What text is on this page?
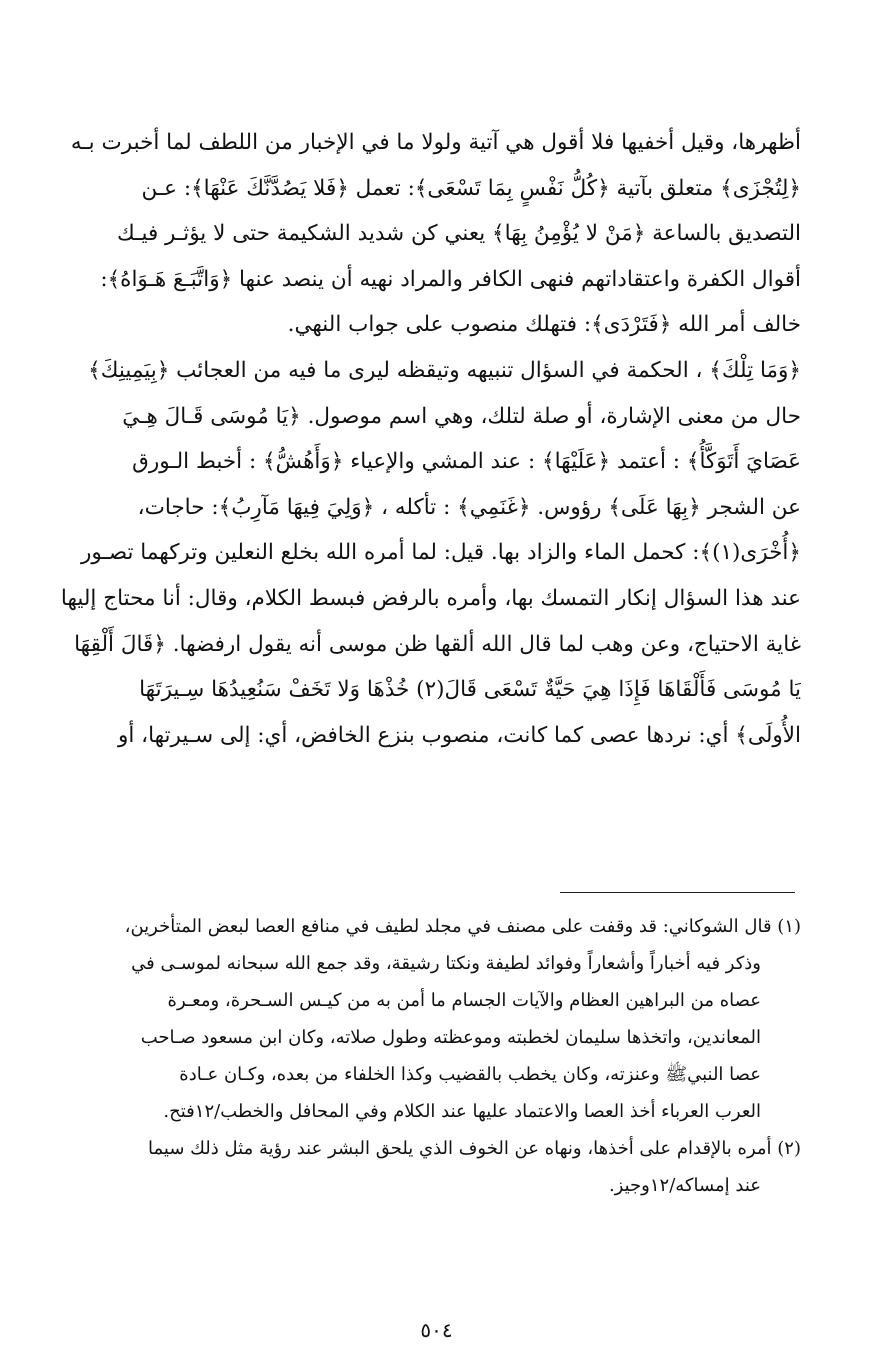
أظهرها، وقيل أخفيها فلا أقول هي آتية ولولا ما في الإخبار من اللطف لما أخبرت بـه
﴿لِتُجْزَى﴾ متعلق بآتية ﴿كُلُّ نَفْسٍ بِمَا تَسْعَى﴾: تعمل ﴿فَلا يَصُدَّنَّكَ عَنْهَا﴾: عـن
التصديق بالساعة ﴿مَنْ لا يُؤْمِنُ بِهَا﴾ يعني كن شديد الشكيمة حتى لا يؤثـر فيـك
أقوال الكفرة واعتقاداتهم فنهى الكافر والمراد نهيه أن ينصد عنها ﴿وَاتَّبَـعَ هَـوَاهُ﴾:
خالف أمر الله ﴿فَتَرْدَى﴾: فتهلك منصوب على جواب النهي.
﴿وَمَا تِلْكَ﴾ ، الحكمة في السؤال تنبيهه وتيقظه ليرى ما فيه من العجائب ﴿بِيَمِينِكَ﴾
حال من معنى الإشارة، أو صلة لتلك، وهي اسم موصول. ﴿يَا مُوسَى قَـالَ هِـيَ
عَصَايَ أَتَوَكَّأُ﴾ : أعتمد ﴿عَلَيْهَا﴾ : عند المشي والإعياء ﴿وَأَهُشُّ﴾ : أخبط الـورق
عن الشجر ﴿بِهَا عَلَى﴾ رؤوس. ﴿غَنَمِي﴾ : تأكله ، ﴿وَلِيَ فِيهَا مَآرِبُ﴾: حاجات،
﴿أُخْرَى(١)﴾: كحمل الماء والزاد بها. قيل: لما أمره الله بخلع النعلين وتركهما تصـور
عند هذا السؤال إنكار التمسك بها، وأمره بالرفض فبسط الكلام، وقال: أنا محتاج إليها
غاية الاحتياج، وعن وهب لما قال الله ألقها ظن موسى أنه يقول ارفضها. ﴿قَالَ أَلْقِهَا
يَا مُوسَى فَأَلْقَاهَا فَإِذَا هِيَ حَيَّةٌ تَسْعَى قَالَ(٢) خُذْهَا وَلا تَخَفْ سَنُعِيدُهَا سِـيرَتَهَا
الأُولَى﴾ أي: نردها عصى كما كانت، منصوب بنزع الخافض، أي: إلى سـيرتها، أو
(١) قال الشوكاني: قد وقفت على مصنف في مجلد لطيف في منافع العصا لبعض المتأخرين،
وذكر فيه أخباراً وأشعاراً وفوائد لطيفة ونكتا رشيقة، وقد جمع الله سبحانه لموسـى في
عصاه من البراهين العظام والآيات الجسام ما أمن به من كيـس السـحرة، ومعـرة
المعاندين، واتخذها سليمان لخطبته وموعظته وطول صلاته، وكان ابن مسعود صـاحب
عصا النبيﷺ وعنزته، وكان يخطب بالقضيب وكذا الخلفاء من بعده، وكـان عـادة
العرب العرباء أخذ العصا والاعتماد عليها عند الكلام وفي المحافل والخطب/١٢فتح.
(٢) أمره بالإقدام على أخذها، ونهاه عن الخوف الذي يلحق البشر عند رؤية مثل ذلك سيما
عند إمساكه/١٢وجيز.
٥٠٤
